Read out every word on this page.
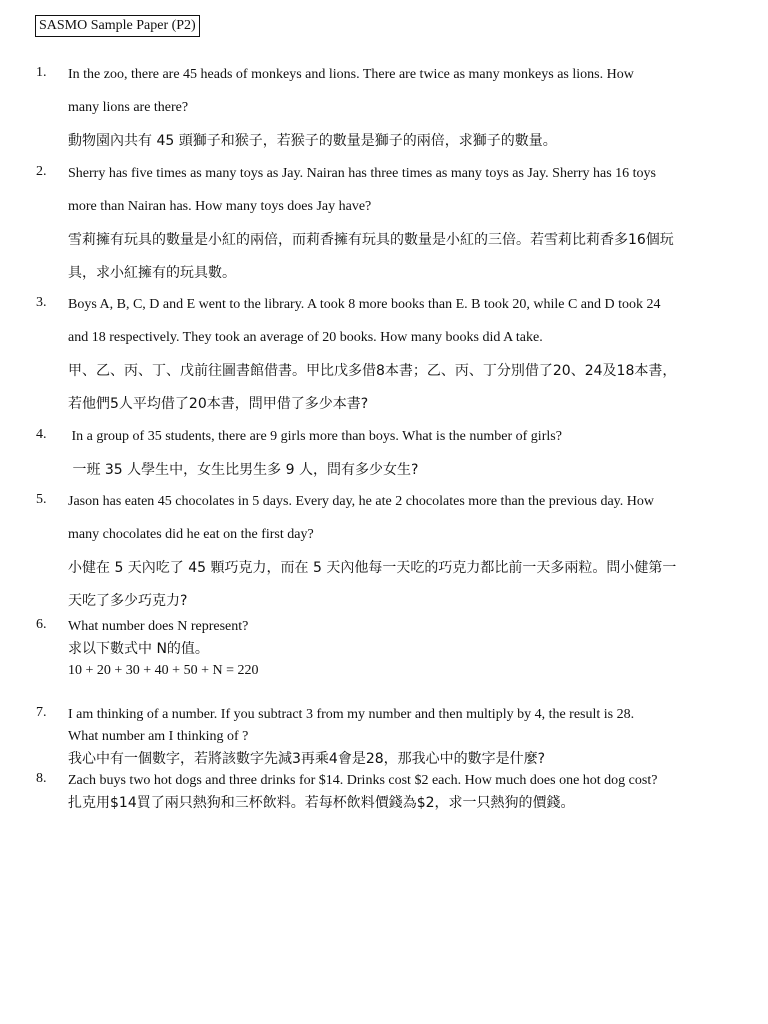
SASMO Sample Paper (P2)
1. In the zoo, there are 45 heads of monkeys and lions. There are twice as many monkeys as lions. How
many lions are there?
動物園內共有 45 頭獅子和猴子，若猴子的數量是獅子的兩倍，求獅子的數量。
2. Sherry has five times as many toys as Jay. Nairan has three times as many toys as Jay. Sherry has 16 toys
more than Nairan has. How many toys does Jay have?
雪莉擁有玩具的數量是小紅的兩倍，而莉香擁有玩具的數量是小紅的三倍。若雪莉比莉香多16個玩
具，求小紅擁有的玩具數。
3. Boys A, B, C, D and E went to the library. A took 8 more books than E. B took 20, while C and D took 24
and 18 respectively. They took an average of 20 books. How many books did A take.
甲、乙、丙、丁、戊前往圖書館借書。甲比戊多借8本書；乙、丙、丁分別借了20、24及18本書，
若他們5人平均借了20本書，問甲借了多少本書?
4. In a group of 35 students, there are 9 girls more than boys. What is the number of girls?
一班 35 人學生中，女生比男生多 9 人，問有多少女生?
5. Jason has eaten 45 chocolates in 5 days. Every day, he ate 2 chocolates more than the previous day. How
many chocolates did he eat on the first day?
小健在 5 天內吃了 45 顆巧克力，而在 5 天內他每一天吃的巧克力都比前一天多兩粒。問小健第一
天吃了多少巧克力?
6. What number does N represent?
求以下數式中 N的值。
10 + 20 + 30 + 40 + 50 + N = 220
7. I am thinking of a number. If you subtract 3 from my number and then multiply by 4, the result is 28.
What number am I thinking of ?
我心中有一個數字，若將該數字先減3再乘4會是28，那我心中的數字是什麼?
8. Zach buys two hot dogs and three drinks for $14. Drinks cost $2 each. How much does one hot dog cost?
扎克用$14買了兩只熱狗和三杯飲料。若每杯飲料價錢為$2，求一只熱狗的價錢。
